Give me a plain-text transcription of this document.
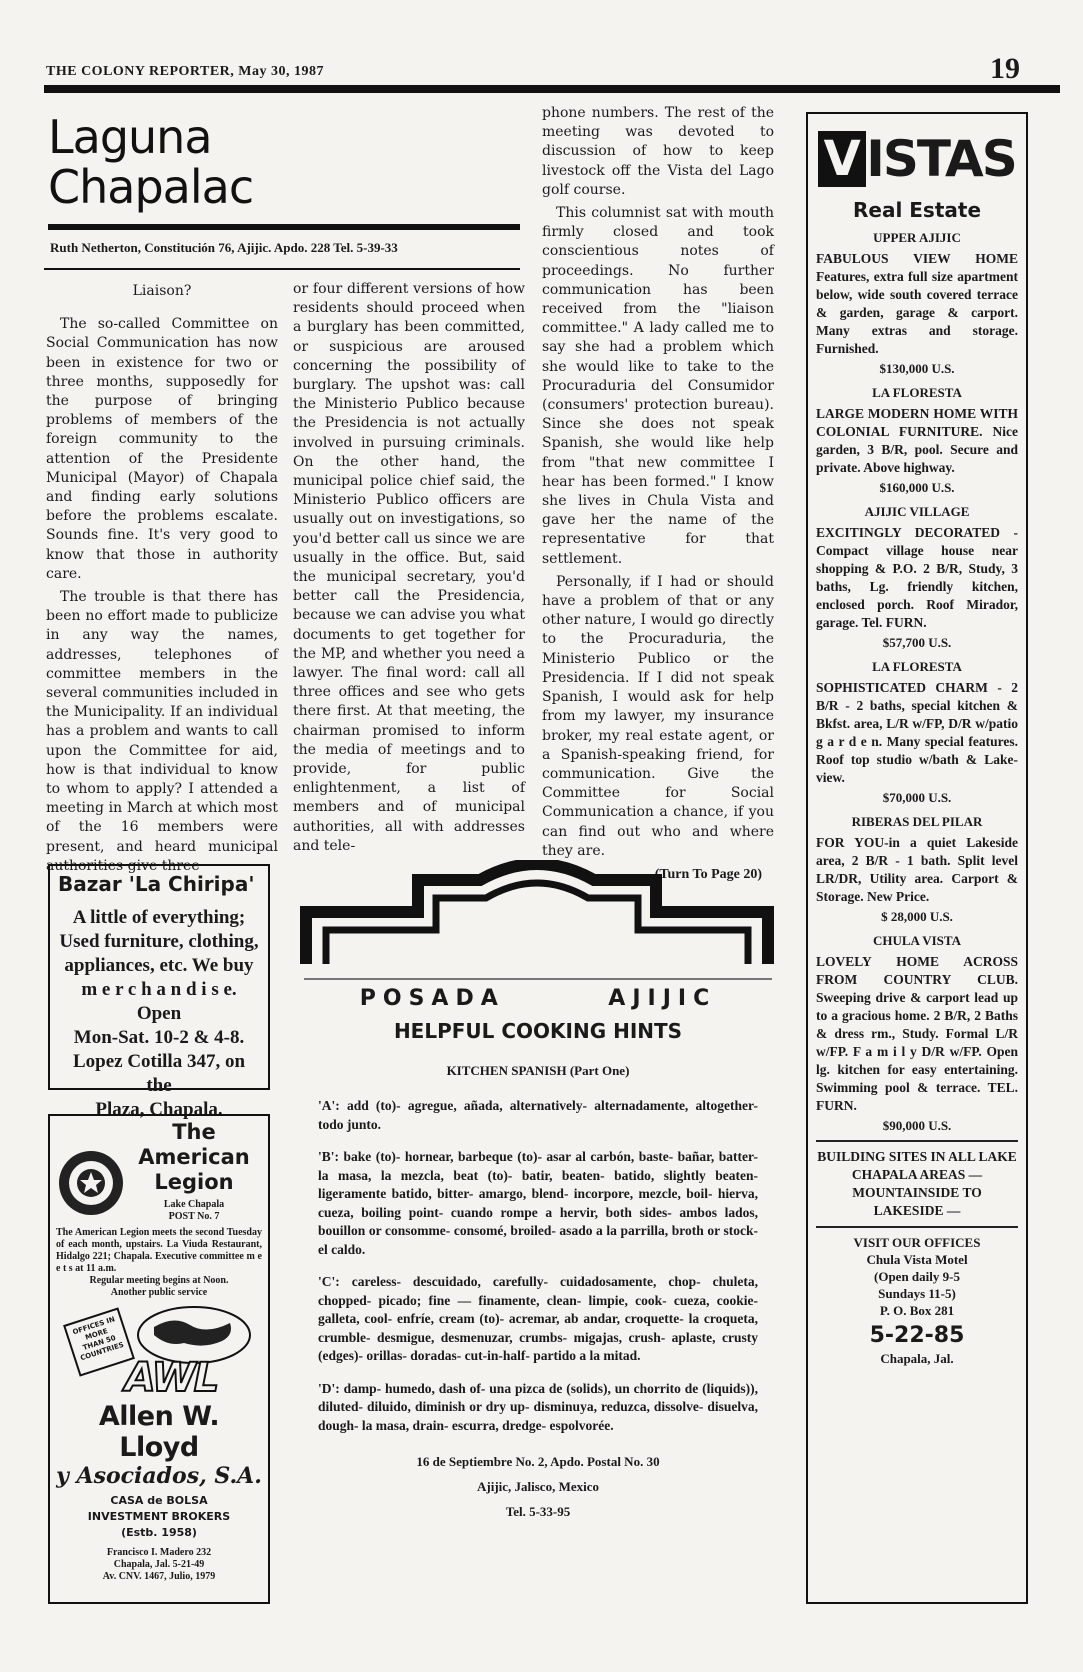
THE COLONY REPORTER, May 30, 1987	19
Laguna
Chapalac
Ruth Netherton, Constitución 76, Ajijic. Apdo. 228 Tel. 5-39-33
Liaison?

The so-called Committee on Social Communication has now been in existence for two or three months, supposedly for the purpose of bringing problems of members of the foreign community to the attention of the Presidente Municipal (Mayor) of Chapala and finding early solutions before the problems escalate. Sounds fine. It's very good to know that those in authority care.

The trouble is that there has been no effort made to publicize in any way the names, addresses, telephones of committee members in the several communities included in the Municipality. If an individual has a problem and wants to call upon the Committee for aid, how is that individual to know to whom to apply? I attended a meeting in March at which most of the 16 members were present, and heard municipal authorities give three

or four different versions of how residents should proceed when a burglary has been committed, or suspicious are aroused concerning the possibility of burglary. The upshot was: call the Ministerio Publico because the Presidencia is not actually involved in pursuing criminals. On the other hand, the municipal police chief said, the Ministerio Publico officers are usually out on investigations, so you'd better call us since we are usually in the office. But, said the municipal secretary, you'd better call the Presidencia, because we can advise you what documents to get together for the MP, and whether you need a lawyer. The final word: call all three offices and see who gets there first. At that meeting, the chairman promised to inform the media of meetings and to provide, for public enlightenment, a list of members and of municipal authorities, all with addresses and tele-

phone numbers. The rest of the meeting was devoted to discussion of how to keep livestock off the Vista del Lago golf course.

This columnist sat with mouth firmly closed and took conscientious notes of proceedings. No further communication has been received from the "liaison committee." A lady called me to say she had a problem which she would like to take to the Procuraduria del Consumidor (consumers' protection bureau). Since she does not speak Spanish, she would like help from "that new committee I hear has been formed." I know she lives in Chula Vista and gave her the name of the representative for that settlement.

Personally, if I had or should have a problem of that or any other nature, I would go directly to the Procuraduria, the Ministerio Publico or the Presidencia. If I did not speak Spanish, I would ask for help from my lawyer, my insurance broker, my real estate agent, or a Spanish-speaking friend, for communication. Give the Committee for Social Communication a chance, if you can find out who and where they are.

(Turn To Page 20)
Bazar 'La Chiripa'
A little of everything;
Used furniture, clothing,
appliances, etc. We buy
m e r c h a n d i s e. Open
Mon-Sat. 10-2 & 4-8.
Lopez Cotilla 347, on the
Plaza, Chapala.
The
American
Legion
Lake Chapala
POST No. 7
The American Legion meets the second Tuesday of each month, upstairs. La Viuda Restaurant, Hidalgo 221; Chapala. Executive committee m e e t s at 11 a.m.
Regular meeting begins at Noon.
Another public service
OFFICES IN MORE THAN 50 COUNTRIES
AWL
Allen W. Lloyd
y Asociados, S.A.
CASA de BOLSA
INVESTMENT BROKERS
(Estb. 1958)
Francisco I. Madero 232
Chapala, Jal. 5-21-49
Av. CNV. 1467, Julio, 1979
POSADA	AJIJIC
HELPFUL COOKING HINTS
KITCHEN SPANISH (Part One)

'A': add (to)- agregue, añada, alternatively- alternadamente, altogether- todo junto.

'B': bake (to)- hornear, barbeque (to)- asar al carbón, baste- bañar, batter- la masa, la mezcla, beat (to)- batir, beaten- batido, slightly beaten- ligeramente batido, bitter- amargo, blend- incorpore, mezcle, boil- hierva, cueza, boiling point- cuando rompe a hervir, both sides- ambos lados, bouillon or consomme- consomé, broiled- asado a la parrilla, broth or stock- el caldo.

'C': careless- descuidado, carefully- cuidadosamente, chop- chuleta, chopped- picado; fine — finamente, clean- limpie, cook- cueza, cookie- galleta, cool- enfríe, cream (to)- acremar, ab andar, croquette- la croqueta, crumble- desmigue, desmenuzar, crumbs- migajas, crush- aplaste, crusty (edges)- orillas- doradas- cut-in-half- partido a la mitad.

'D': damp- humedo, dash of- una pizca de (solids), un chorrito de (liquids)), diluted- diluido, diminish or dry up- disminuya, reduzca, dissolve- disuelva, dough- la masa, drain- escurra, dredge- espolvorée.

16 de Septiembre No. 2, Apdo. Postal No. 30
Ajijic, Jalisco, Mexico
Tel. 5-33-95
V ISTAS
Real Estate
UPPER AJIJIC
FABULOUS VIEW HOME Features, extra full size apartment below, wide south covered terrace & garden, garage & carport. Many extras and storage. Furnished.
$130,000 U.S.
LA FLORESTA
LARGE MODERN HOME WITH COLONIAL FURNITURE. Nice garden, 3 B/R, pool. Secure and private. Above highway.
$160,000 U.S.
AJIJIC VILLAGE
EXCITINGLY DECORATED - Compact village house near shopping & P.O. 2 B/R, Study, 3 baths, Lg. friendly kitchen, enclosed porch. Roof Mirador, garage. Tel. FURN.
$57,700 U.S.
LA FLORESTA
SOPHISTICATED CHARM - 2 B/R - 2 baths, special kitchen & Bkfst. area, L/R w/FP, D/R w/patio g a r d e n. Many special features. Roof top studio w/bath & Lake-view.
$70,000 U.S.
RIBERAS DEL PILAR
FOR YOU-in a quiet Lakeside area, 2 B/R - 1 bath. Split level LR/DR, Utility area. Carport & Storage. New Price.
$ 28,000 U.S.
CHULA VISTA
LOVELY HOME ACROSS FROM COUNTRY CLUB. Sweeping drive & carport lead up to a gracious home. 2 B/R, 2 Baths & dress rm., Study. Formal L/R w/FP. F a m i l y D/R w/FP. Open lg. kitchen for easy entertaining. Swimming pool & terrace. TEL. FURN.
$90,000 U.S.
BUILDING SITES IN ALL LAKE CHAPALA AREAS — MOUNTAINSIDE TO LAKESIDE —
VISIT OUR OFFICES
Chula Vista Motel
(Open daily 9-5
Sundays 11-5)
P. O. Box 281
5-22-85
Chapala, Jal.
